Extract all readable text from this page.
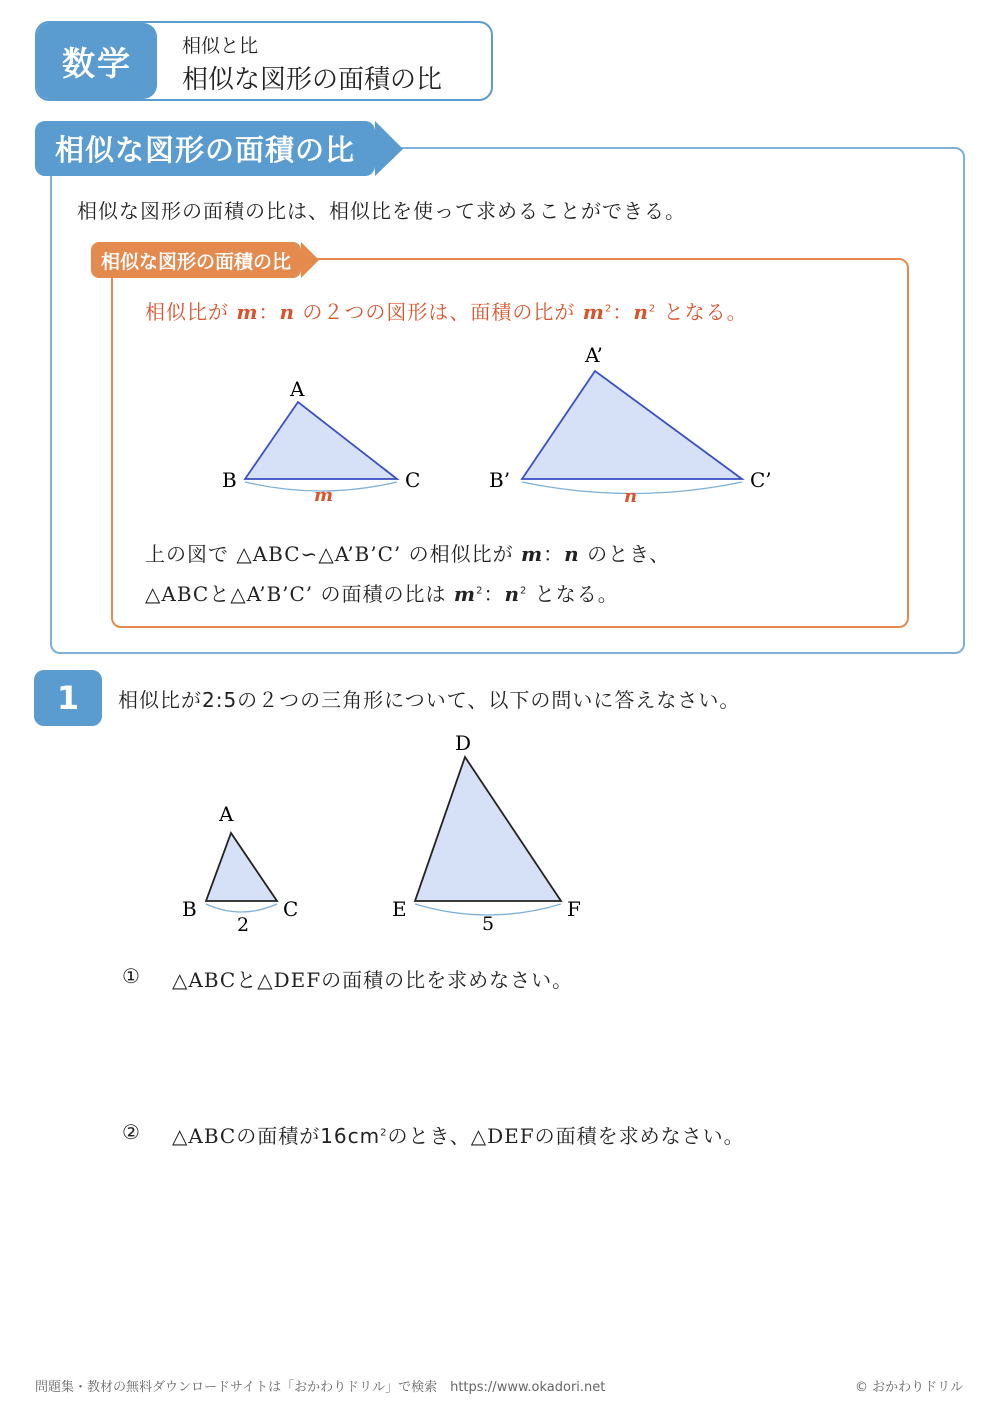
数学	相似と比
相似な図形の面積の比
相似な図形の面積の比
相似な図形の面積の比は、相似比を使って求めることができる。
相似な図形の面積の比
相似比が m：n の２つの図形は、面積の比が $m^2$：$n^2$ となる。
A
B	C
m
A’
B’	C’
n
上の図で △ABC∽△A’B’C’ の相似比が m：n のとき、
△ABCと△A’B’C’ の面積の比は $m^2$：$n^2$ となる。
1	相似比が2:5の２つの三角形について、以下の問いに答えなさい。
A
B	C
2
D
E	F
5
① △ABCと△DEFの面積の比を求めなさい。
② △ABCの面積が$16cm^2$のとき、△DEFの面積を求めなさい。
問題集・教材の無料ダウンロードサイトは「おかわりドリル」で検索　https://www.okadori.net	© おかわりドリル
